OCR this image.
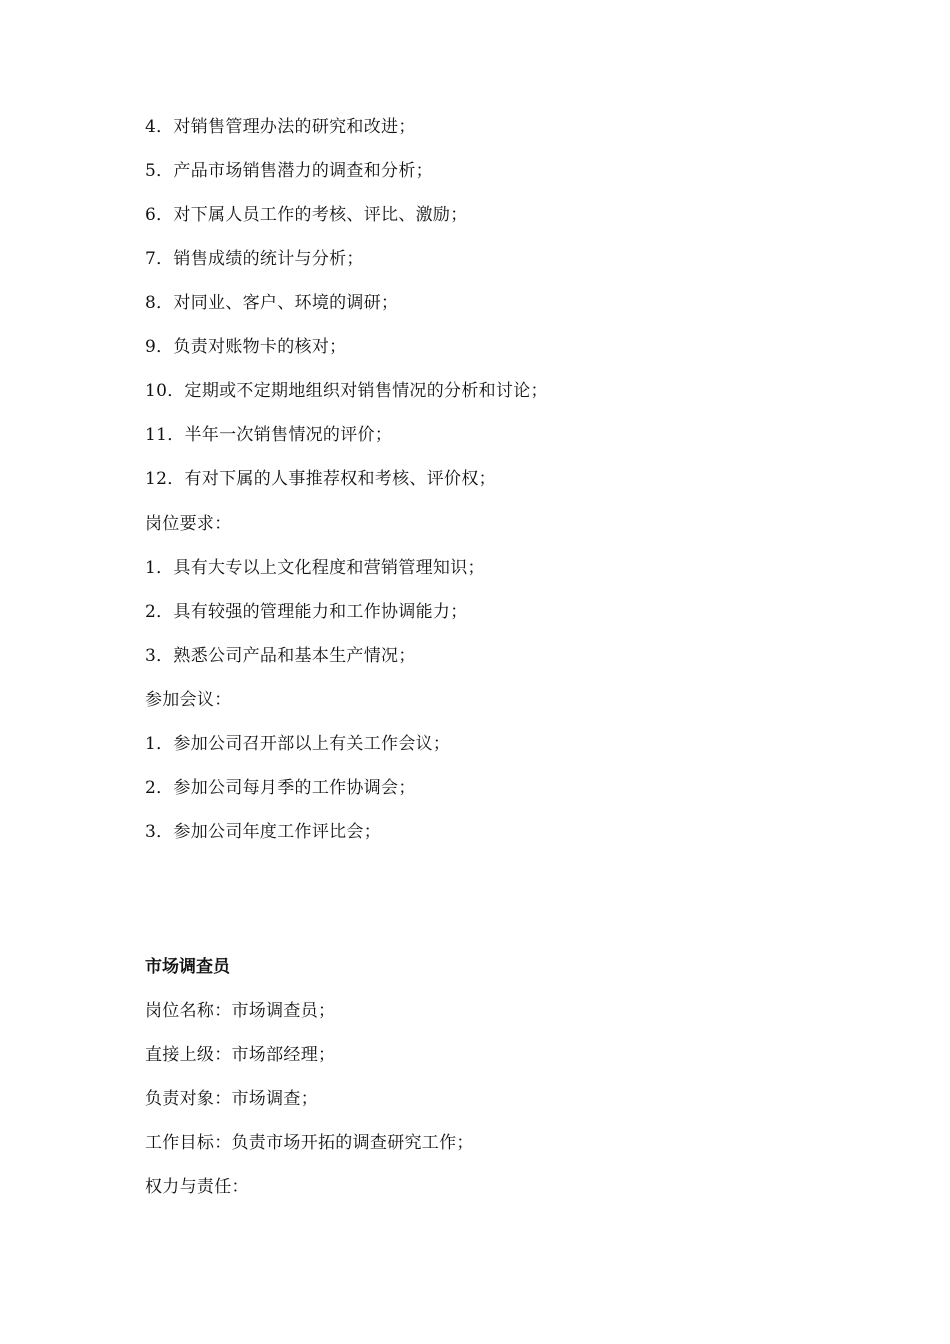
4．对销售管理办法的研究和改进；
5．产品市场销售潜力的调查和分析；
6．对下属人员工作的考核、评比、激励；
7．销售成绩的统计与分析；
8．对同业、客户、环境的调研；
9．负责对账物卡的核对；
10．定期或不定期地组织对销售情况的分析和讨论；
11．半年一次销售情况的评价；
12．有对下属的人事推荐权和考核、评价权；
岗位要求：
1．具有大专以上文化程度和营销管理知识；
2．具有较强的管理能力和工作协调能力；
3．熟悉公司产品和基本生产情况；
参加会议：
1．参加公司召开部以上有关工作会议；
2．参加公司每月季的工作协调会；
3．参加公司年度工作评比会；
市场调查员
岗位名称：市场调查员；
直接上级：市场部经理；
负责对象：市场调查；
工作目标：负责市场开拓的调查研究工作；
权力与责任：
